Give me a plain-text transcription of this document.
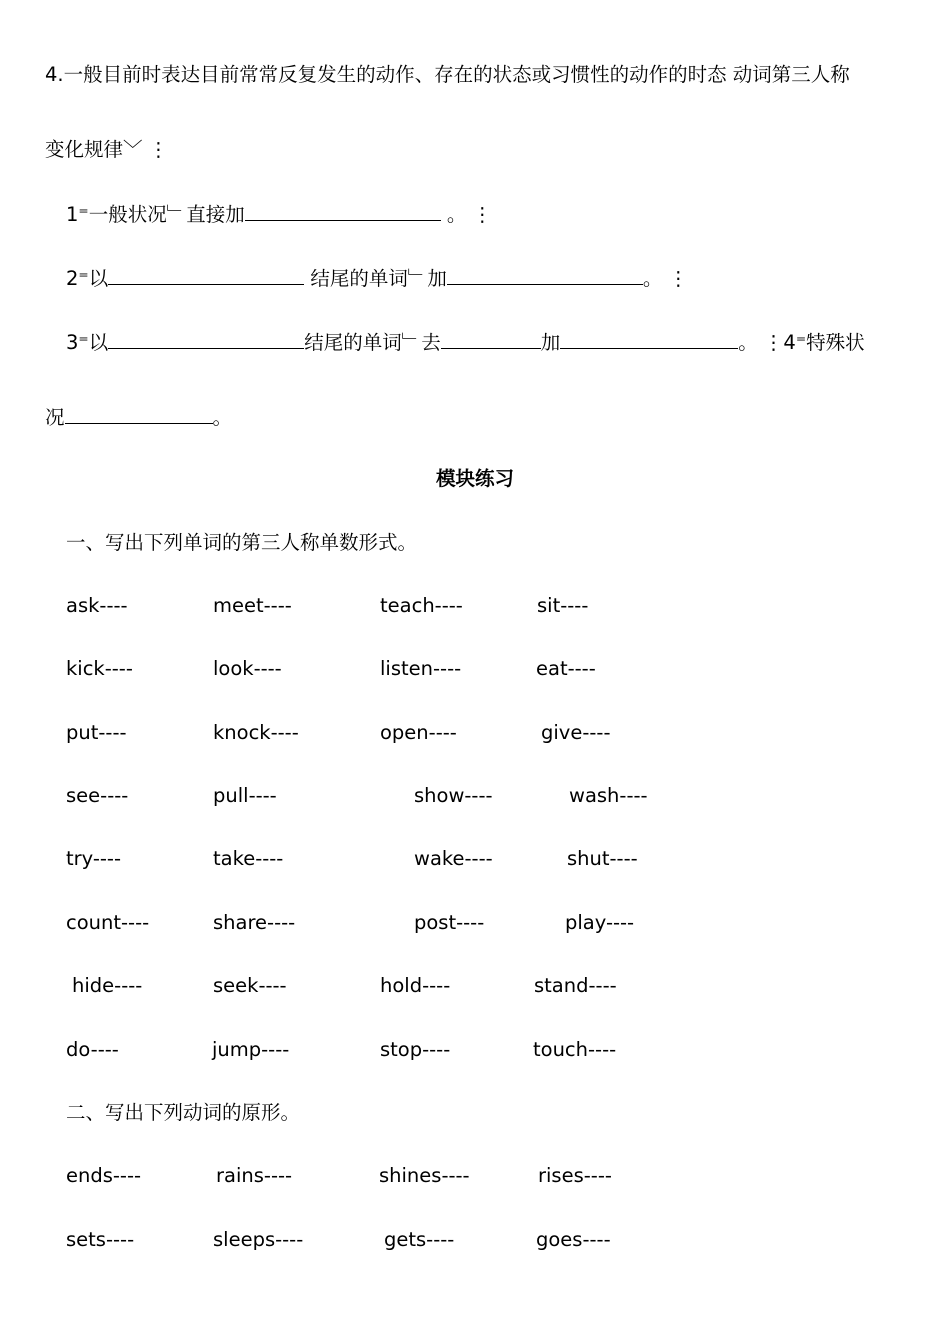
4.一般目前时表达目前常常反复发生的动作、存在的状态或习惯性的动作的时态 动词第三人称
变化规律﹀ ⋮
1⁼一般状况﹂直接加	。 ⋮
2⁼以	结尾的单词﹂加	。 ⋮
3⁼以	结尾的单词﹂去	加	。 ⋮4⁼特殊状
况	。
模块练习
一、写出下列单词的第三人称单数形式。
ask----	meet----	teach----	sit----
kick----	look----	listen----	eat----
put----	knock----	open----	give----
see----	pull----	show----	wash----
try----	take----	wake----	shut----
count----	share----	post----	play----
hide----	seek----	hold----	stand----
do----	jump----	stop----	touch----
二、写出下列动词的原形。
ends----	rains----	shines----	rises----
sets----	sleeps----	gets----	goes----
